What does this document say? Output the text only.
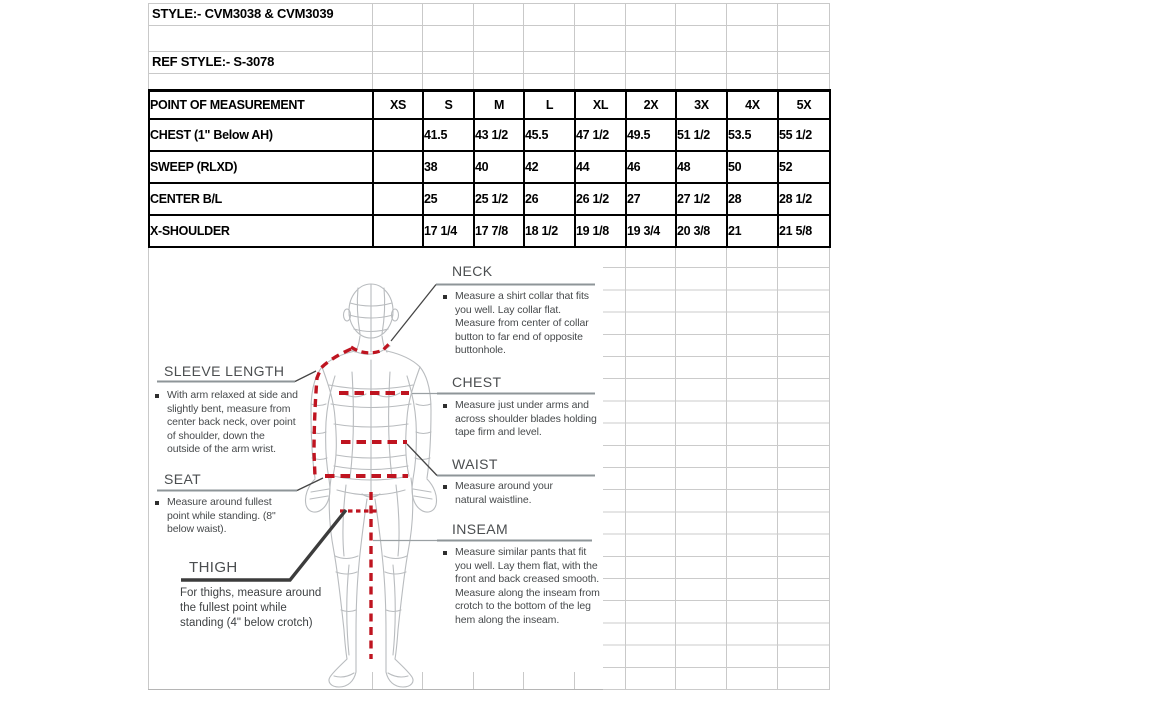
STYLE:- CVM3038 & CVM3039
REF STYLE:- S-3078
POINT OF MEASUREMENT	XS	S	M	L	XL	2X	3X	4X	5X
CHEST (1" Below AH)		41.5	43 1/2	45.5	47 1/2	49.5	51 1/2	53.5	55 1/2
SWEEP (RLXD)		38	40	42	44	46	48	50	52
CENTER B/L		25	25 1/2	26	26 1/2	27	27 1/2	28	28 1/2
X-SHOULDER		17 1/4	17 7/8	18 1/2	19 1/8	19 3/4	20 3/8	21	21 5/8
NECK
Measure a shirt collar that fits you well. Lay collar flat. Measure from center of collar button to far end of opposite buttonhole.
SLEEVE LENGTH
With arm relaxed at side and slightly bent, measure from center back neck, over point of shoulder, down the outside of the arm wrist.
CHEST
Measure just under arms and across shoulder blades holding tape firm and level.
WAIST
Measure around your natural waistline.
SEAT
Measure around fullest point while standing. (8" below waist).	INSEAM
Measure similar pants that fit you well. Lay them flat, with the front and back creased smooth. Measure along the inseam from crotch to the bottom of the leg hem along the inseam.
THIGH
For thighs, measure around the fullest point while standing (4" below crotch)
